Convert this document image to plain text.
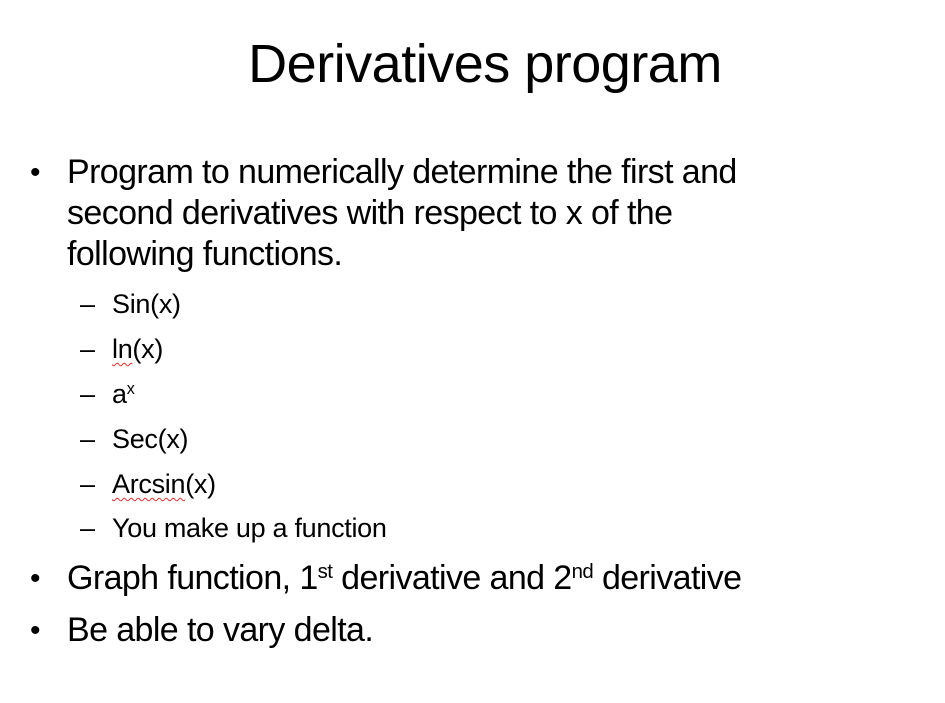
Derivatives program
• Program to numerically determine the first and
second derivatives with respect to x of the
following functions.
– Sin(x)
– ln(x)
– $a^x$
– Sec(x)
– Arcsin(x)
– You make up a function
• Graph function, 1st derivative and 2nd derivative
• Be able to vary delta.
